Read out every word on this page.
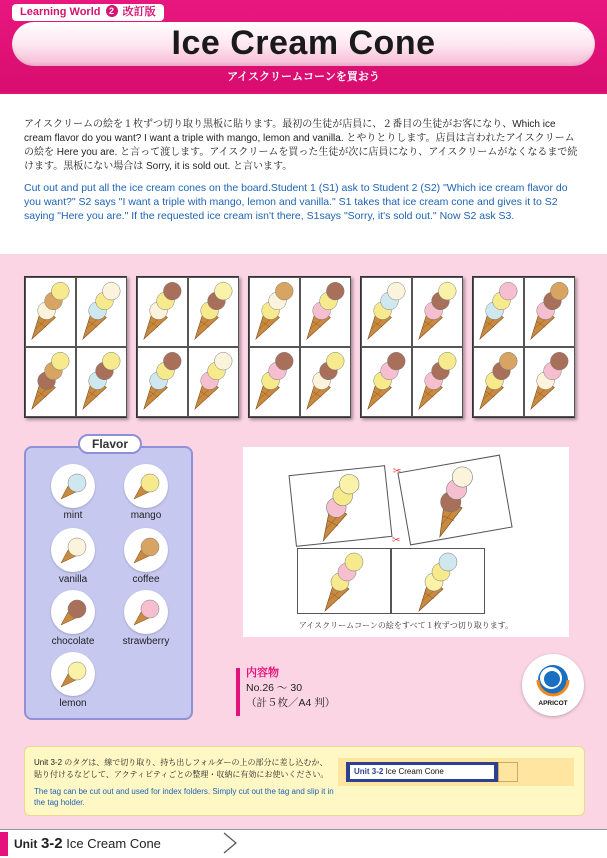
Learning World 2 改訂版
Ice Cream Cone
アイスクリームコーンを買おう
アイスクリームの絵を１枚ずつ切り取り黒板に貼ります。最初の生徒が店員に、２番目の生徒がお客になり、Which ice cream flavor do you want? I want a triple with mango, lemon and vanilla. とやりとりします。店員は言われたアイスクリームの絵を Here you are. と言って渡します。アイスクリームを買った生徒が次に店員になり、アイスクリームがなくなるまで続けます。黒板にない場合は Sorry, it is sold out. と言います。
Cut out and put all the ice cream cones on the board.Student 1 (S1) ask to Student 2 (S2) "Which ice cream flavor do you want?" S2 says "I want a triple with mango, lemon and vanilla." S1 takes that ice cream cone and gives it to S2 saying "Here you are." If the requested ice cream isn't there, S1says "Sorry, it's sold out." Now S2 ask S3.
Flavor
mint	mango
vanilla	coffee
chocolate	strawberry
lemon
✂
✂
アイスクリームコーンの絵をすべて１枚ずつ切り取ります。
内容物
No.26 ～ 30
（計５枚／A4 判）	APRICOT
Unit 3-2 のタグは、線で切り取り、持ち出しフォルダーの上の部分に差し込むか、貼り付けるなどして、アクティビティごとの整理・収納に有効にお使いください。
The tag can be cut out and used for index folders. Simply cut out the tag and slip it in the tag holder.
Unit 3-2 Ice Cream Cone
Unit 3-2 Ice Cream Cone
